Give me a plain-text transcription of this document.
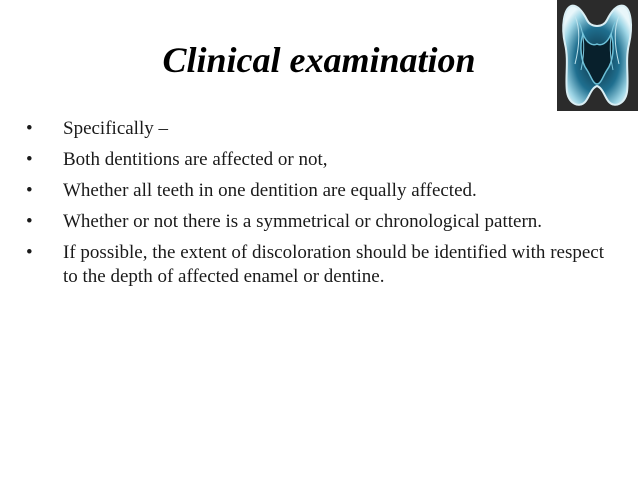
Clinical examination
• Specifically –
• Both dentitions are affected or not,
• Whether all teeth in one dentition are equally affected.
• Whether or not there is a symmetrical or chronological pattern.
• If possible, the extent of discoloration should be identified with respect to the depth of affected enamel or dentine.
